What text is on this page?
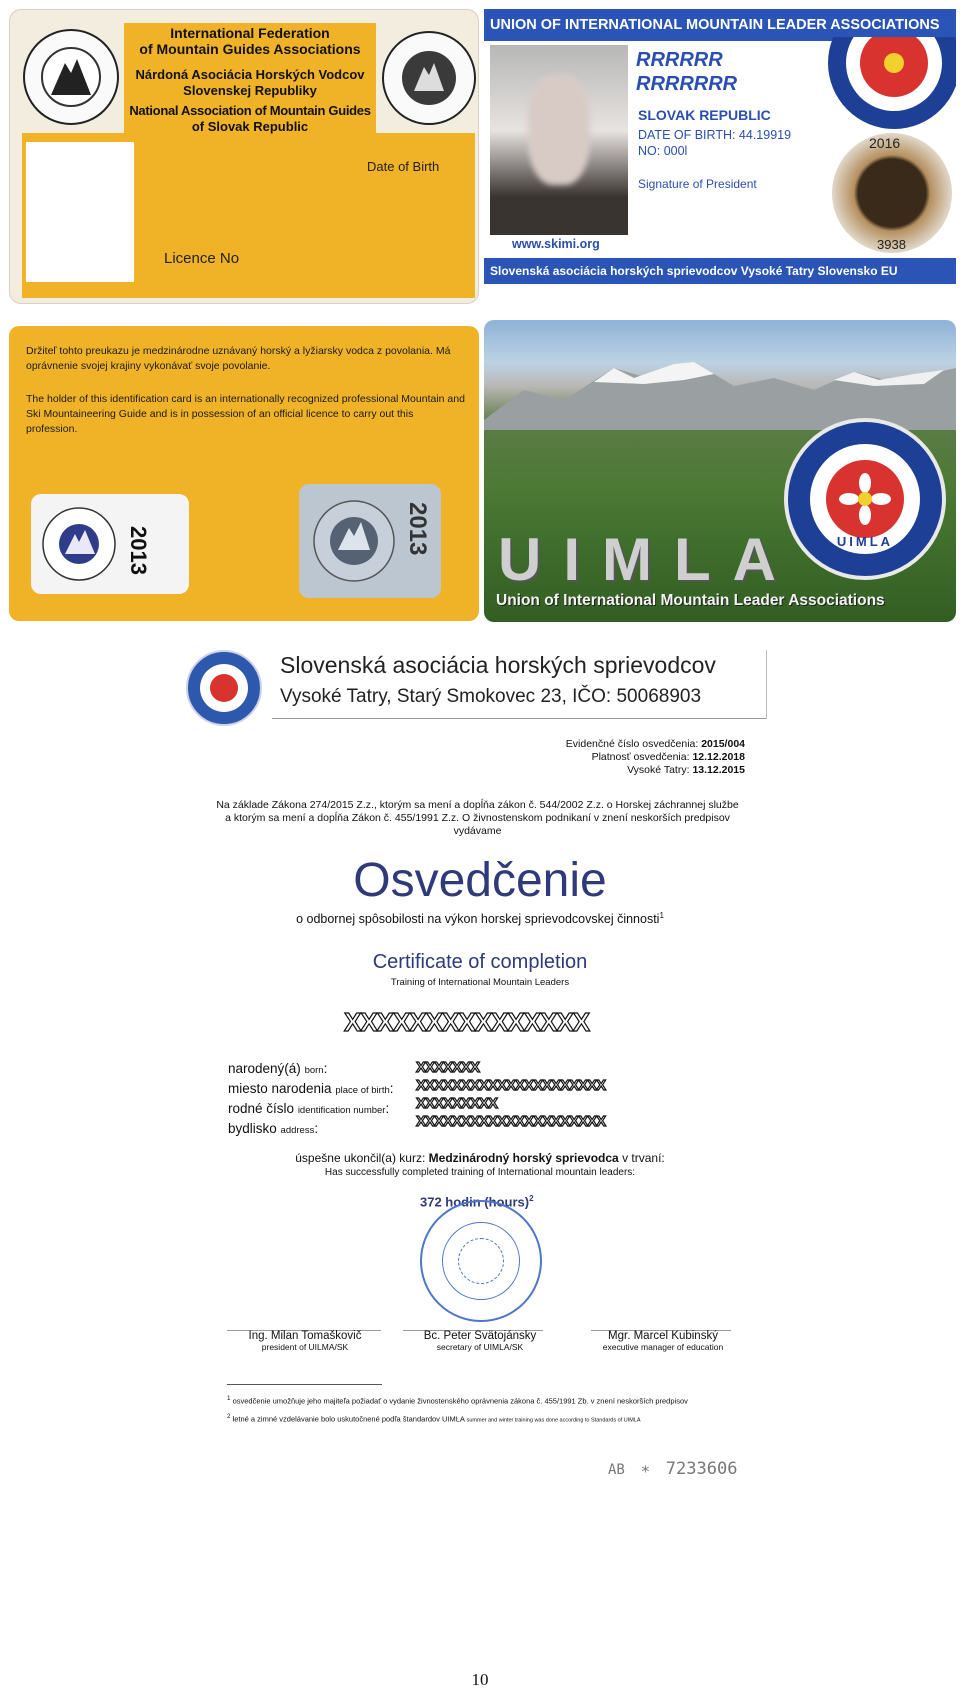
International Federation
of Mountain Guides Associations
Nárdoná Asociácia Horských Vodcov
Slovenskej Republiky
National Association of Mountain Guides
of Slovak Republic
Date of Birth
Licence No
UNION OF INTERNATIONAL MOUNTAIN LEADER ASSOCIATIONS
RRRRRR
RRRRRRR
SLOVAK REPUBLIC
DATE OF BIRTH: 44.19919
NO: 000l
Signature of President
www.skimi.org
2016
3938
Slovenská asociácia horských sprievodcov Vysoké Tatry Slovensko EU
Držiteľ tohto preukazu je medzinárodne uznávaný horský a lyžiarsky vodca z povolania. Má oprávnenie svojej krajiny vykonávať svoje povolanie.
The holder of this identification card is an internationally recognized professional Mountain and Ski Mountaineering Guide and is in possession of an official licence to carry out this profession.
2013	2013	UIMLA
UIMLA
Union of International Mountain Leader Associations
Slovenská asociácia horských sprievodcov
Vysoké Tatry, Starý Smokovec 23, IČO: 50068903
Evidenčné číslo osvedčenia: 2015/004
Platnosť osvedčenia: 12.12.2018
Vysoké Tatry: 13.12.2015
Na základe Zákona 274/2015 Z.z., ktorým sa mení a dopĺňa zákon č. 544/2002 Z.z. o Horskej záchrannej službe
a ktorým sa mení a dopĺňa Zákon č. 455/1991 Z.z. O živnostenskom podnikaní v znení neskorších predpisov
vydávame
Osvedčenie
o odbornej spôsobilosti na výkon horskej sprievodcovskej činnosti$^1$
Certificate of completion
Training of International Mountain Leaders
XXXXXXXXXXXXXXX
narodený(á) born:
miesto narodenia place of birth:
rodné číslo identification number:
bydlisko address:
XXXXXXX
XXXXXXXXXXXXXXXXXXXXX
XXXXXXXXX
XXXXXXXXXXXXXXXXXXXXX
úspešne ukončil(a) kurz: Medzinárodný horský sprievodca v trvaní:
Has successfully completed training of International mountain leaders:
372 hodin (hours)$^2$
Ing. Milan Tomaškovič
president of UILMA/SK
Bc. Peter Svätojánsky
secretary of UIMLA/SK
Mgr. Marcel Kubinský
executive manager of education
$^1$ osvedčenie umožňuje jeho majiteľa požiadať o vydanie živnostenského oprávnenia zákona č. 455/1991 Zb. v znení neskorších predpisov
$^2$ letné a zimné vzdelávanie bolo uskutočnené podľa štandardov UIMLA summer and winter training was done according to Standards of UIMLA
AB ∗ 7233606
10
